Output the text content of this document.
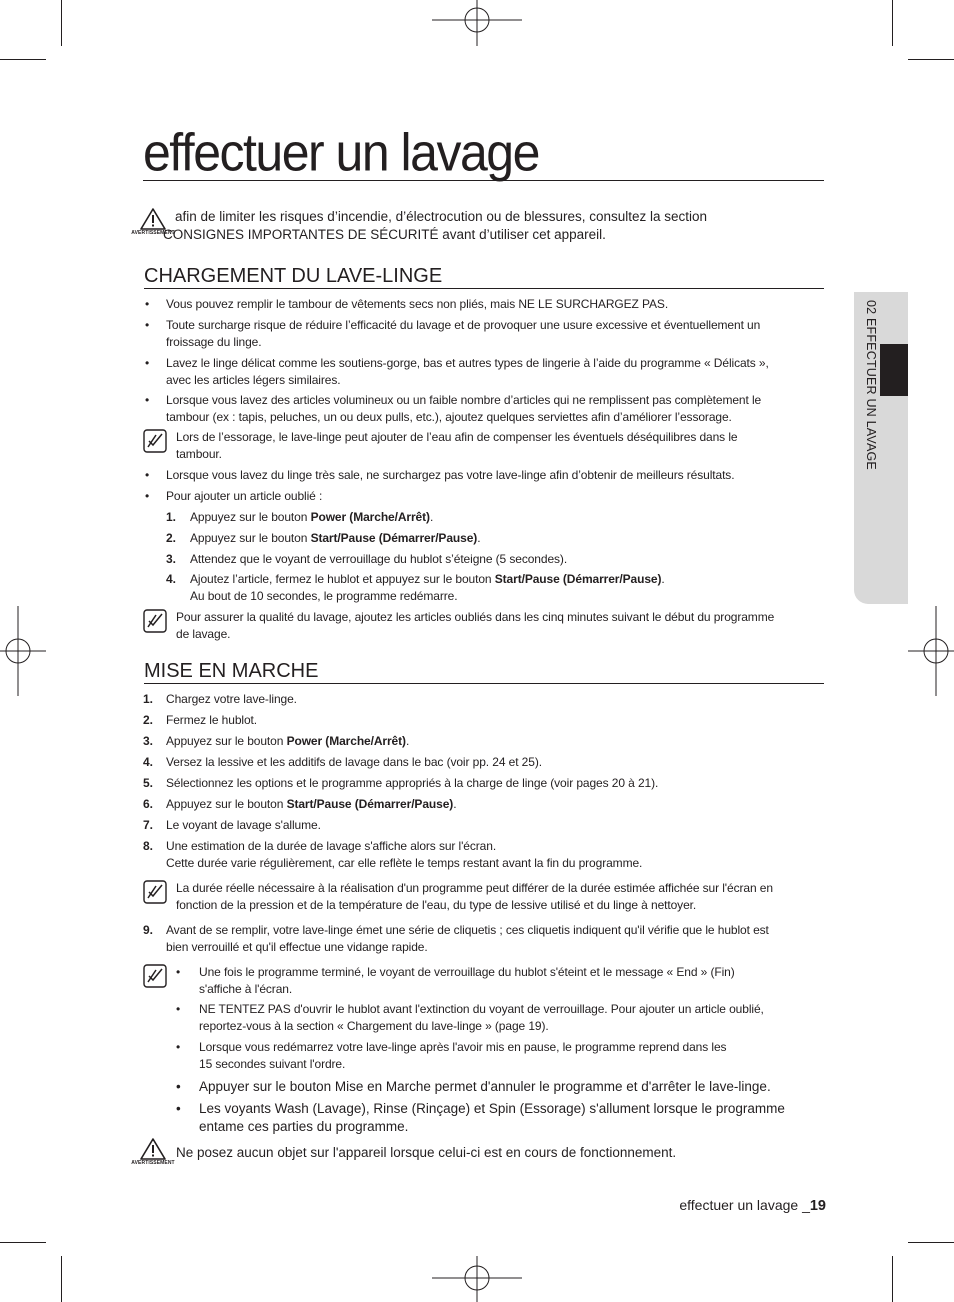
02 EFFECTUER UN LAVAGE
effectuer un lavage
AVERTISSEMENT
afin de limiter les risques d’incendie, d’électrocution ou de blessures, consultez la section
CONSIGNES IMPORTANTES DE SÉCURITÉ avant d’utiliser cet appareil.
CHARGEMENT DU LAVE-LINGE
• Vous pouvez remplir le tambour de vêtements secs non pliés, mais NE LE SURCHARGEZ PAS.
• Toute surcharge risque de réduire l’efficacité du lavage et de provoquer une usure excessive et éventuellement un
froissage du linge.
• Lavez le linge délicat comme les soutiens-gorge, bas et autres types de lingerie à l’aide du programme « Délicats »,
avec les articles légers similaires.
• Lorsque vous lavez des articles volumineux ou un faible nombre d’articles qui ne remplissent pas complètement le
tambour (ex : tapis, peluches, un ou deux pulls, etc.), ajoutez quelques serviettes afin d’améliorer l’essorage.
Lors de l’essorage, le lave-linge peut ajouter de l’eau afin de compenser les éventuels déséquilibres dans le
tambour.
• Lorsque vous lavez du linge très sale, ne surchargez pas votre lave-linge afin d’obtenir de meilleurs résultats.
• Pour ajouter un article oublié :
1. Appuyez sur le bouton Power (Marche/Arrêt).
2. Appuyez sur le bouton Start/Pause (Démarrer/Pause).
3. Attendez que le voyant de verrouillage du hublot s’éteigne (5 secondes).
4. Ajoutez l’article, fermez le hublot et appuyez sur le bouton Start/Pause (Démarrer/Pause).
Au bout de 10 secondes, le programme redémarre.
Pour assurer la qualité du lavage, ajoutez les articles oubliés dans les cinq minutes suivant le début du programme
de lavage.
MISE EN MARCHE
1. Chargez votre lave-linge.
2. Fermez le hublot.
3. Appuyez sur le bouton Power (Marche/Arrêt).
4. Versez la lessive et les additifs de lavage dans le bac (voir pp. 24 et 25).
5. Sélectionnez les options et le programme appropriés à la charge de linge (voir pages 20 à 21).
6. Appuyez sur le bouton Start/Pause (Démarrer/Pause).
7. Le voyant de lavage s'allume.
8. Une estimation de la durée de lavage s'affiche alors sur l'écran.
Cette durée varie régulièrement, car elle reflète le temps restant avant la fin du programme.
La durée réelle nécessaire à la réalisation d'un programme peut différer de la durée estimée affichée sur l'écran en
fonction de la pression et de la température de l'eau, du type de lessive utilisé et du linge à nettoyer.
9. Avant de se remplir, votre lave-linge émet une série de cliquetis ; ces cliquetis indiquent qu'il vérifie que le hublot est
bien verrouillé et qu'il effectue une vidange rapide.
• Une fois le programme terminé, le voyant de verrouillage du hublot s'éteint et le message « End » (Fin)
s'affiche à l'écran.
• NE TENTEZ PAS d'ouvrir le hublot avant l'extinction du voyant de verrouillage. Pour ajouter un article oublié,
reportez-vous à la section « Chargement du lave-linge » (page 19).
• Lorsque vous redémarrez votre lave-linge après l'avoir mis en pause, le programme reprend dans les
15 secondes suivant l'ordre.
• Appuyer sur le bouton Mise en Marche permet d'annuler le programme et d'arrêter le lave-linge.
• Les voyants Wash (Lavage), Rinse (Rinçage) et Spin (Essorage) s'allument lorsque le programme
entame ces parties du programme.
AVERTISSEMENT
Ne posez aucun objet sur l'appareil lorsque celui-ci est en cours de fonctionnement.
effectuer un lavage _19
